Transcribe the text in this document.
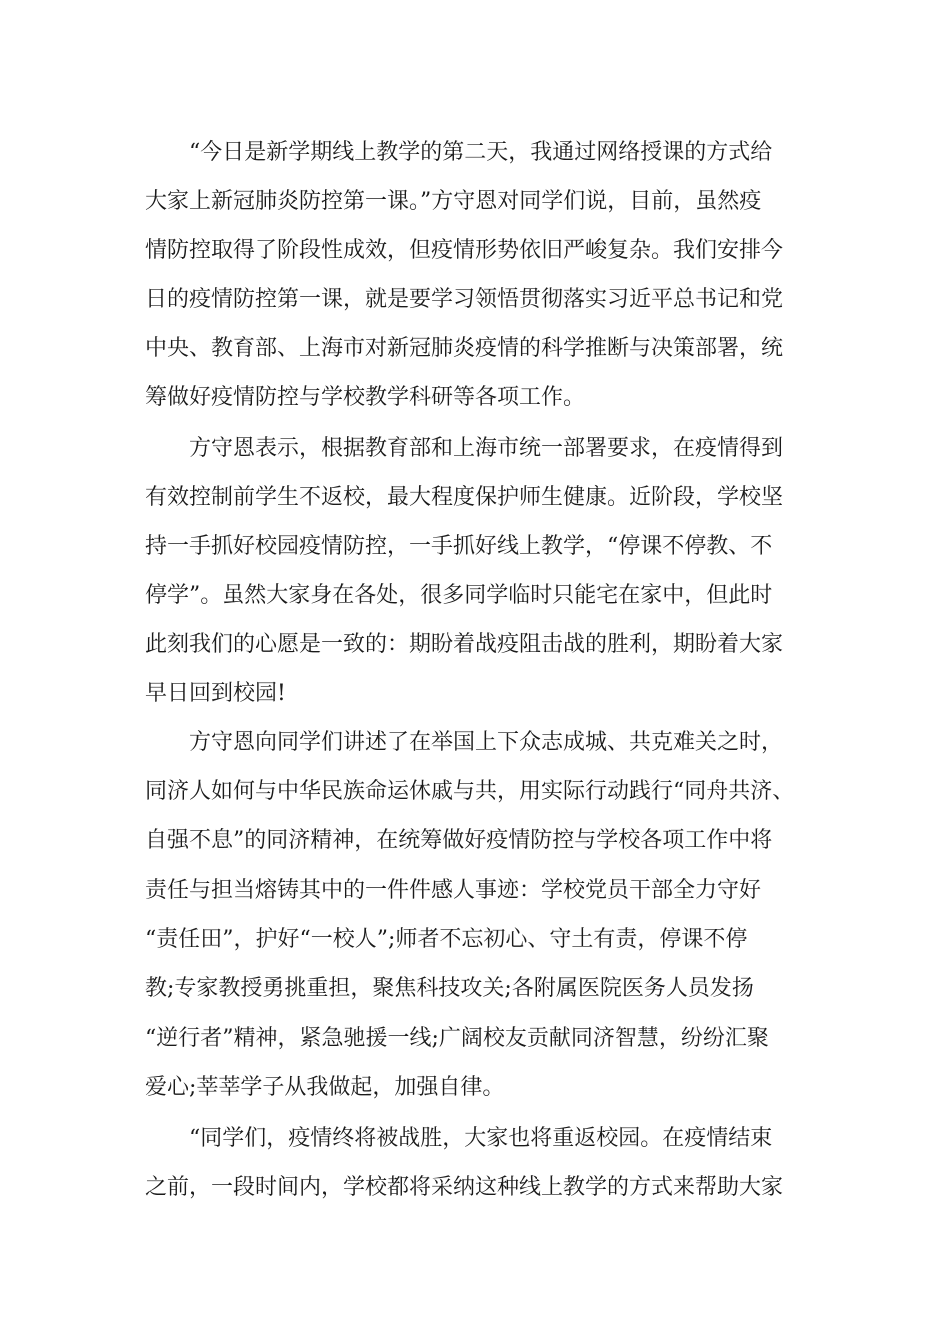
　　“今日是新学期线上教学的第二天，我通过网络授课的方式给
大家上新冠肺炎防控第一课。”方守恩对同学们说，目前，虽然疫
情防控取得了阶段性成效，但疫情形势依旧严峻复杂。我们安排今
日的疫情防控第一课，就是要学习领悟贯彻落实习近平总书记和党
中央、教育部、上海市对新冠肺炎疫情的科学推断与决策部署，统
筹做好疫情防控与学校教学科研等各项工作。
　　方守恩表示，根据教育部和上海市统一部署要求，在疫情得到
有效控制前学生不返校，最大程度保护师生健康。近阶段，学校坚
持一手抓好校园疫情防控，一手抓好线上教学，“停课不停教、不
停学”。虽然大家身在各处，很多同学临时只能宅在家中，但此时
此刻我们的心愿是一致的：期盼着战疫阻击战的胜利，期盼着大家
早日回到校园!
　　方守恩向同学们讲述了在举国上下众志成城、共克难关之时，
同济人如何与中华民族命运休戚与共，用实际行动践行“同舟共济、
自强不息”的同济精神，在统筹做好疫情防控与学校各项工作中将
责任与担当熔铸其中的一件件感人事迹：学校党员干部全力守好
“责任田”，护好“一校人”;师者不忘初心、守土有责，停课不停
教;专家教授勇挑重担，聚焦科技攻关;各附属医院医务人员发扬
“逆行者”精神，紧急驰援一线;广阔校友贡献同济智慧，纷纷汇聚
爱心;莘莘学子从我做起，加强自律。
　　“同学们，疫情终将被战胜，大家也将重返校园。在疫情结束
之前，一段时间内，学校都将采纳这种线上教学的方式来帮助大家
